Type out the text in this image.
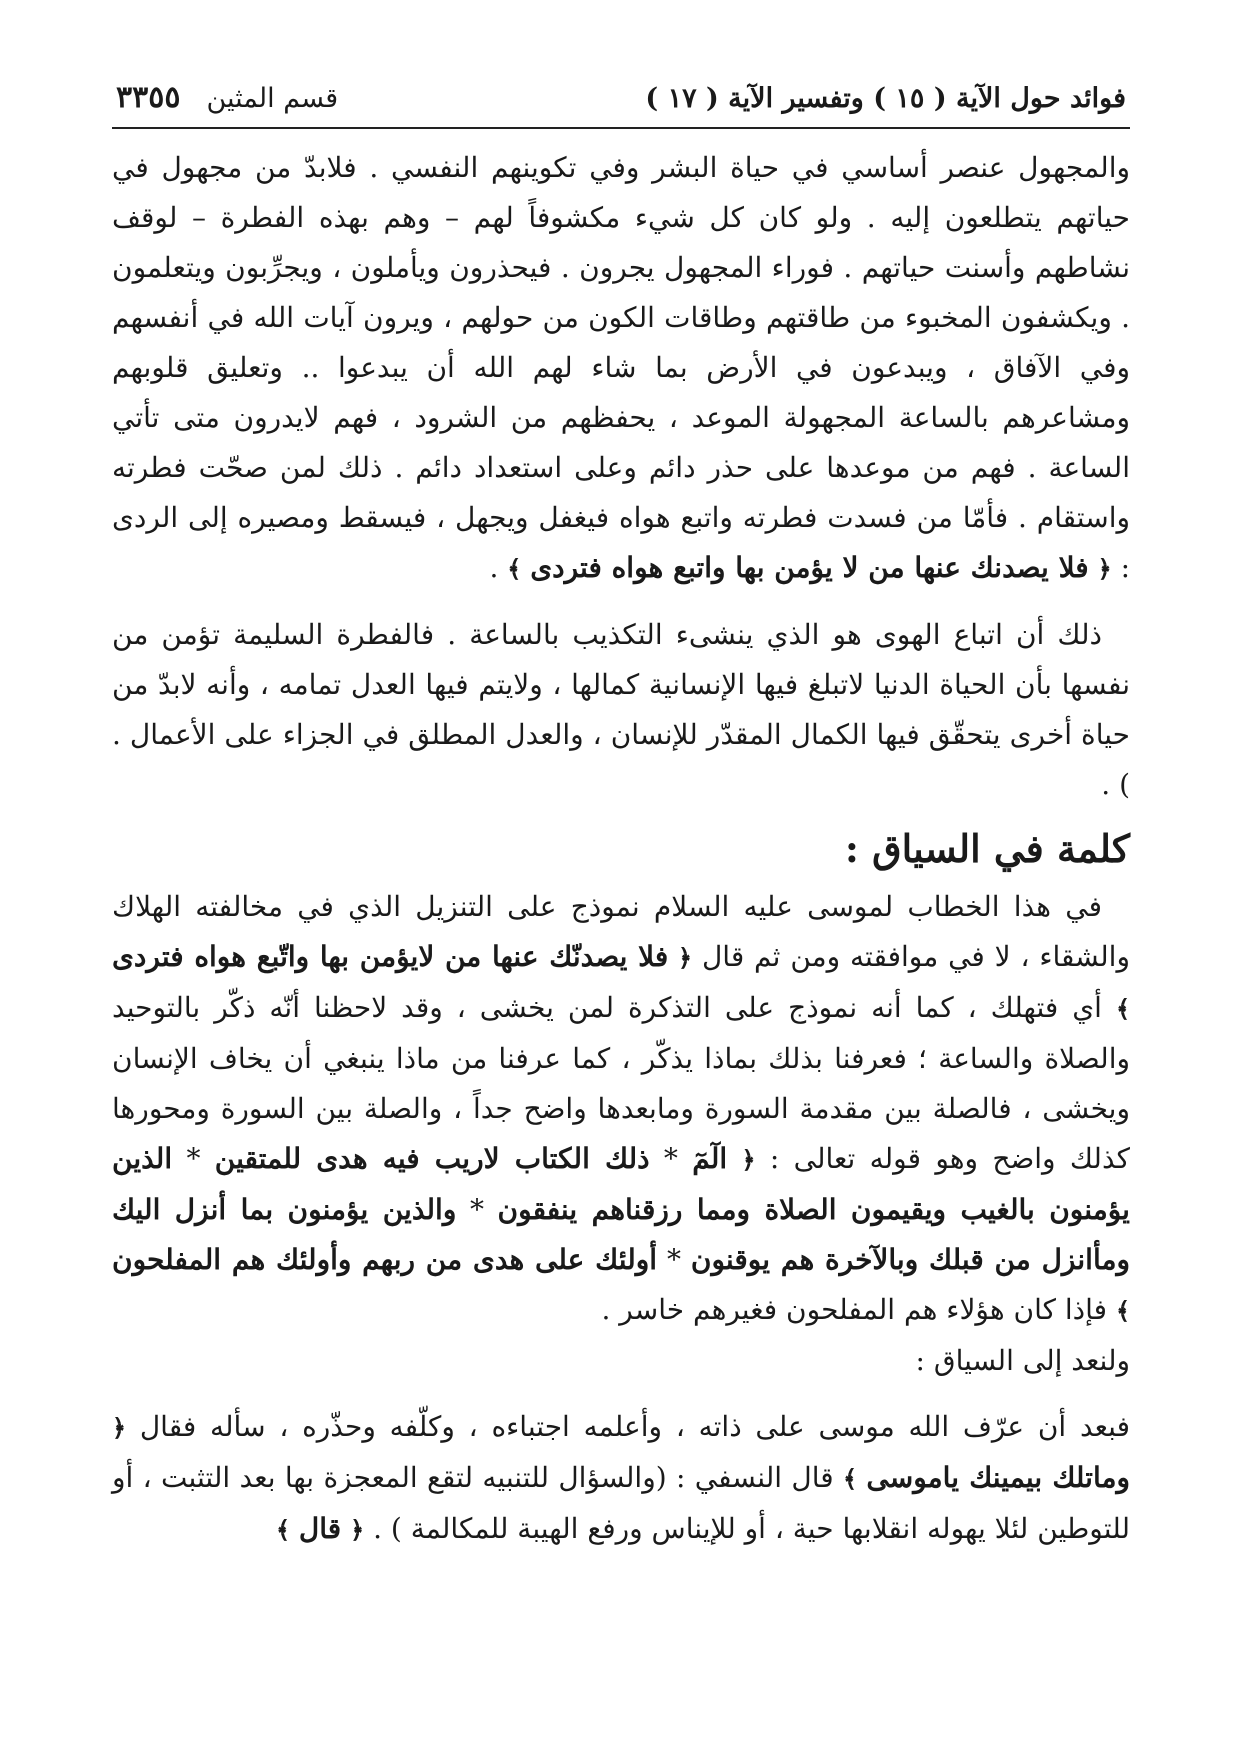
فوائد حول الآية ( ١٥ ) وتفسير الآية ( ١٧ )
قسم المثين
٣٣٥٥

والمجهول عنصر أساسي في حياة البشر وفي تكوينهم النفسي . فلابدّ من مجهول في حياتهم يتطلعون إليه . ولو كان كل شيء مكشوفاً لهم – وهم بهذه الفطرة – لوقف نشاطهم وأسنت حياتهم . فوراء المجهول يجرون . فيحذرون ويأملون ، ويجرِّبون ويتعلمون . ويكشفون المخبوء من طاقتهم وطاقات الكون من حولهم ، ويرون آيات الله في أنفسهم وفي الآفاق ، ويبدعون في الأرض بما شاء لهم الله أن يبدعوا .. وتعليق قلوبهم ومشاعرهم بالساعة المجهولة الموعد ، يحفظهم من الشرود ، فهم لايدرون متى تأتي الساعة . فهم من موعدها على حذر دائم وعلى استعداد دائم . ذلك لمن صحّت فطرته واستقام . فأمّا من فسدت فطرته واتبع هواه فيغفل ويجهل ، فيسقط ومصيره إلى الردى : ﴿ فلا يصدنك عنها من لا يؤمن بها واتبع هواه فتردى ﴾ .

ذلك أن اتباع الهوى هو الذي ينشىء التكذيب بالساعة . فالفطرة السليمة تؤمن من نفسها بأن الحياة الدنيا لاتبلغ فيها الإنسانية كمالها ، ولايتم فيها العدل تمامه ، وأنه لابدّ من حياة أخرى يتحقّق فيها الكمال المقدّر للإنسان ، والعدل المطلق في الجزاء على الأعمال . ) .

كلمة في السياق :

في هذا الخطاب لموسى عليه السلام نموذج على التنزيل الذي في مخالفته الهلاك والشقاء ، لا في موافقته ومن ثم قال ﴿ فلا يصدنّك عنها من لايؤمن بها واتّبع هواه فتردى ﴾ أي فتهلك ، كما أنه نموذج على التذكرة لمن يخشى ، وقد لاحظنا أنّه ذكّر بالتوحيد والصلاة والساعة ؛ فعرفنا بذلك بماذا يذكّر ، كما عرفنا من ماذا ينبغي أن يخاف الإنسان ويخشى ، فالصلة بين مقدمة السورة ومابعدها واضح جداً ، والصلة بين السورة ومحورها كذلك واضح وهو قوله تعالى : ﴿ الٓمٓ * ذلك الكتاب لاريب فيه هدى للمتقين * الذين يؤمنون بالغيب ويقيمون الصلاة ومما رزقناهم ينفقون * والذين يؤمنون بما أنزل اليك ومأانزل من قبلك وبالآخرة هم يوقنون * أولئك على هدى من ربهم وأولئك هم المفلحون ﴾ فإذا كان هؤلاء هم المفلحون فغيرهم خاسر .

ولنعد إلى السياق :

فبعد أن عرّف الله موسى على ذاته ، وأعلمه اجتباءه ، وكلّفه وحذّره ، سأله فقال ﴿ وماتلك بيمينك ياموسى ﴾ قال النسفي : (والسؤال للتنبيه لتقع المعجزة بها بعد التثبت ، أو للتوطين لئلا يهوله انقلابها حية ، أو للإيناس ورفع الهيبة للمكالمة ) . ﴿ قال ﴾
